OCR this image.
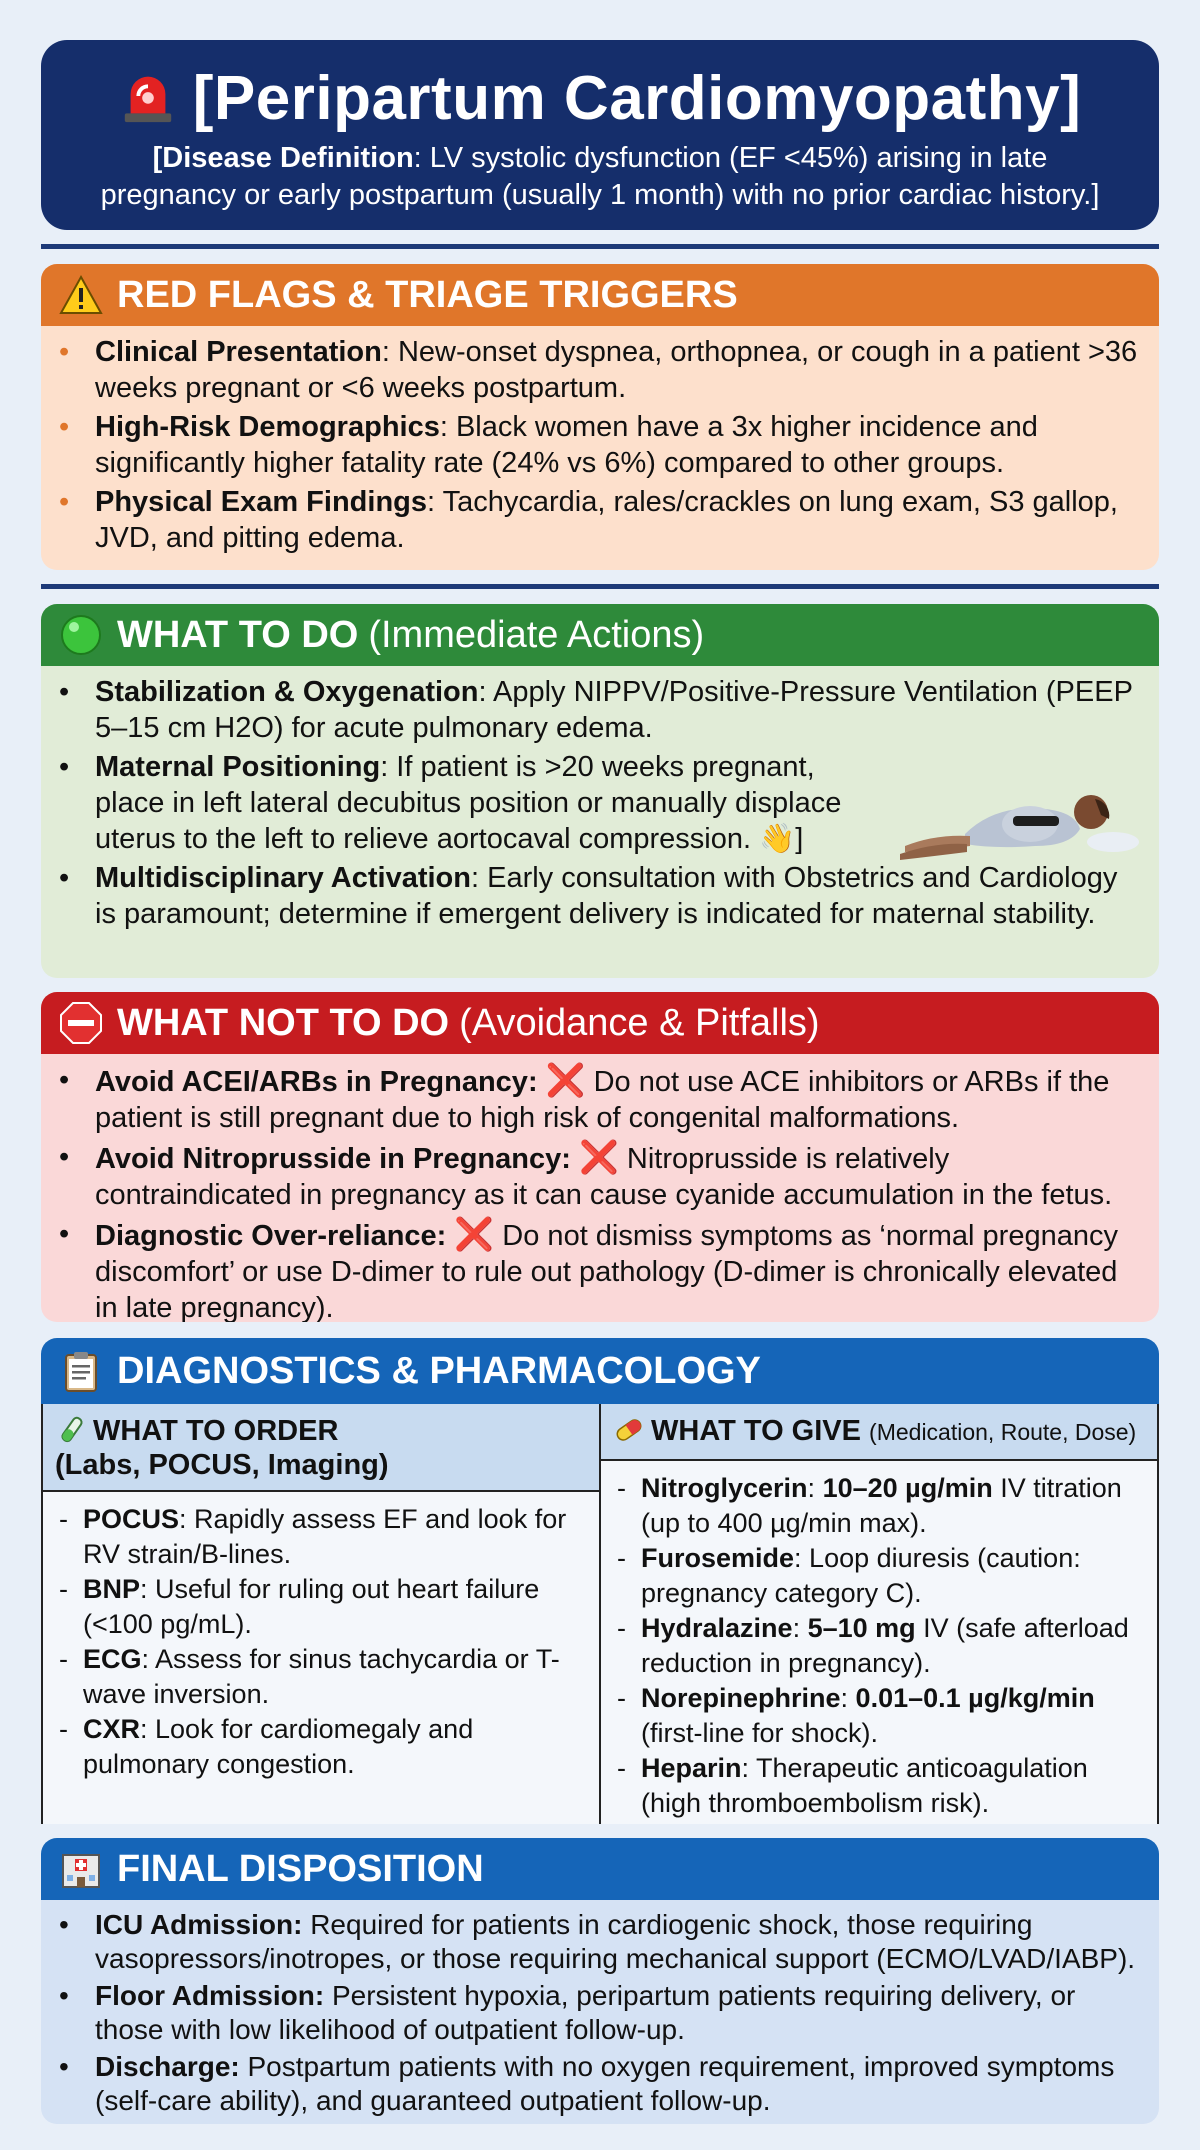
[Peripartum Cardiomyopathy]

[Disease Definition: LV systolic dysfunction (EF <45%) arising in late pregnancy or early postpartum (usually 1 month) with no prior cardiac history.]

RED FLAGS & TRIAGE TRIGGERS
• Clinical Presentation: New-onset dyspnea, orthopnea, or cough in a patient >36 weeks pregnant or <6 weeks postpartum.
• High-Risk Demographics: Black women have a 3x higher incidence and significantly higher fatality rate (24% vs 6%) compared to other groups.
• Physical Exam Findings: Tachycardia, rales/crackles on lung exam, S3 gallop, JVD, and pitting edema.
WHAT TO DO (Immediate Actions)
• Stabilization & Oxygenation: Apply NIPPV/Positive-Pressure Ventilation (PEEP 5–15 cm H2O) for acute pulmonary edema.
• Maternal Positioning: If patient is >20 weeks pregnant, place in left lateral decubitus position or manually displace uterus to the left to relieve aortocaval compression. 👋]
• Multidisciplinary Activation: Early consultation with Obstetrics and Cardiology is paramount; determine if emergent delivery is indicated for maternal stability.
WHAT NOT TO DO (Avoidance & Pitfalls)
• Avoid ACEI/ARBs in Pregnancy: ❌ Do not use ACE inhibitors or ARBs if the patient is still pregnant due to high risk of congenital malformations.
• Avoid Nitroprusside in Pregnancy: ❌ Nitroprusside is relatively contraindicated in pregnancy as it can cause cyanide accumulation in the fetus.
• Diagnostic Over-reliance: ❌ Do not dismiss symptoms as ‘normal pregnancy discomfort’ or use D-dimer to rule out pathology (D-dimer is chronically elevated in late pregnancy).
DIAGNOSTICS & PHARMACOLOGY
WHAT TO ORDER
(Labs, POCUS, Imaging)
- POCUS: Rapidly assess EF and look for RV strain/B-lines.
- BNP: Useful for ruling out heart failure (<100 pg/mL).
- ECG: Assess for sinus tachycardia or T-wave inversion.
- CXR: Look for cardiomegaly and pulmonary congestion.
WHAT TO GIVE (Medication, Route, Dose)
- Nitroglycerin: 10–20 µg/min IV titration (up to 400 µg/min max).
- Furosemide: Loop diuresis (caution: pregnancy category C).
- Hydralazine: 5–10 mg IV (safe afterload reduction in pregnancy).
- Norepinephrine: 0.01–0.1 µg/kg/min (first-line for shock).
- Heparin: Therapeutic anticoagulation (high thromboembolism risk).
FINAL DISPOSITION
• ICU Admission: Required for patients in cardiogenic shock, those requiring vasopressors/inotropes, or those requiring mechanical support (ECMO/LVAD/IABP).
• Floor Admission: Persistent hypoxia, peripartum patients requiring delivery, or those with low likelihood of outpatient follow-up.
• Discharge: Postpartum patients with no oxygen requirement, improved symptoms (self-care ability), and guaranteed outpatient follow-up.
